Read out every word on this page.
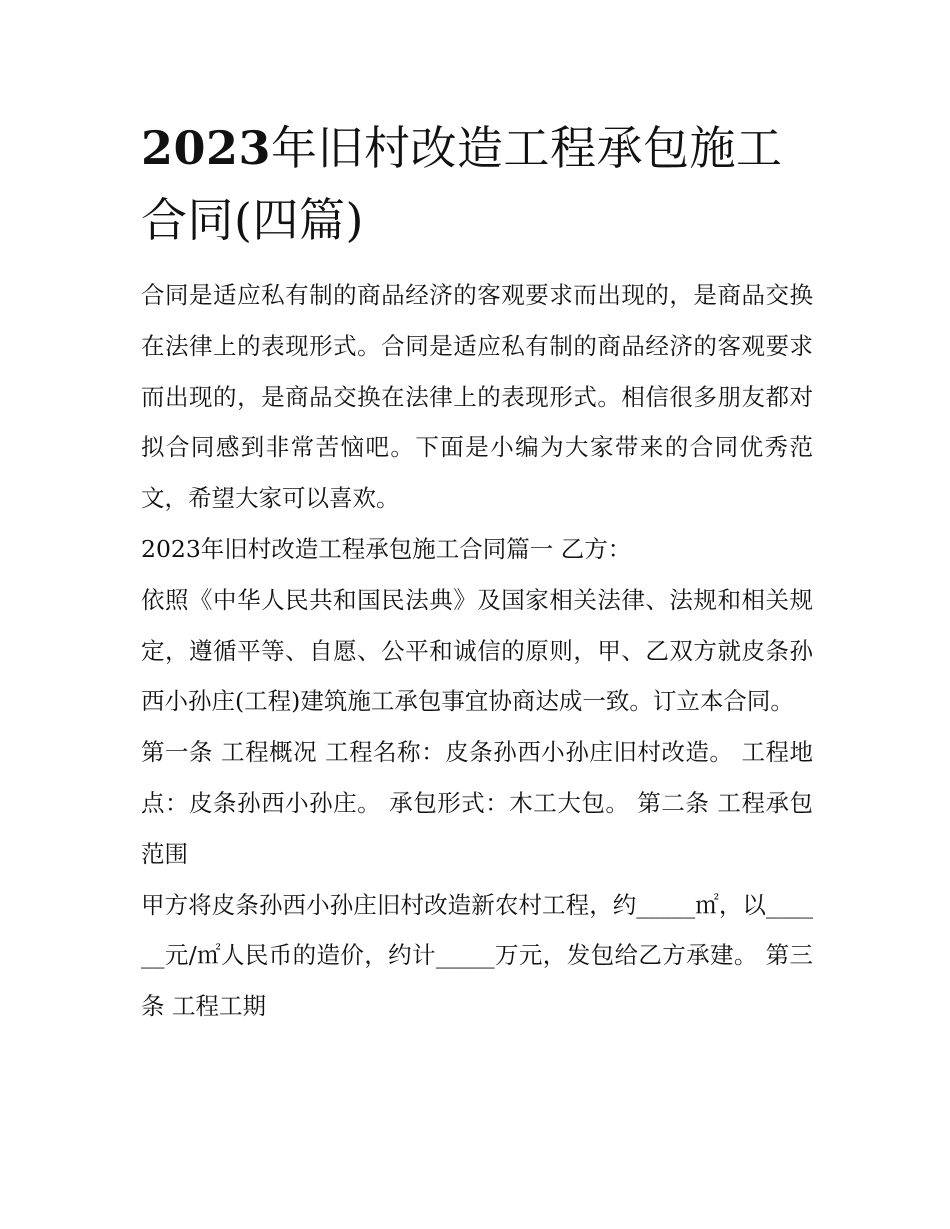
2023年旧村改造工程承包施工合同(四篇)

合同是适应私有制的商品经济的客观要求而出现的，是商品交换在法律上的表现形式。合同是适应私有制的商品经济的客观要求而出现的，是商品交换在法律上的表现形式。相信很多朋友都对拟合同感到非常苦恼吧。下面是小编为大家带来的合同优秀范文，希望大家可以喜欢。

2023年旧村改造工程承包施工合同篇一 乙方：

依照《中华人民共和国民法典》及国家相关法律、法规和相关规定，遵循平等、自愿、公平和诚信的原则，甲、乙双方就皮条孙西小孙庄(工程)建筑施工承包事宜协商达成一致。订立本合同。

第一条 工程概况 工程名称：皮条孙西小孙庄旧村改造。 工程地点：皮条孙西小孙庄。 承包形式：木工大包。 第二条 工程承包范围

甲方将皮条孙西小孙庄旧村改造新农村工程，约_____㎡，以______元/㎡人民币的造价，约计_____万元，发包给乙方承建。 第三条 工程工期
